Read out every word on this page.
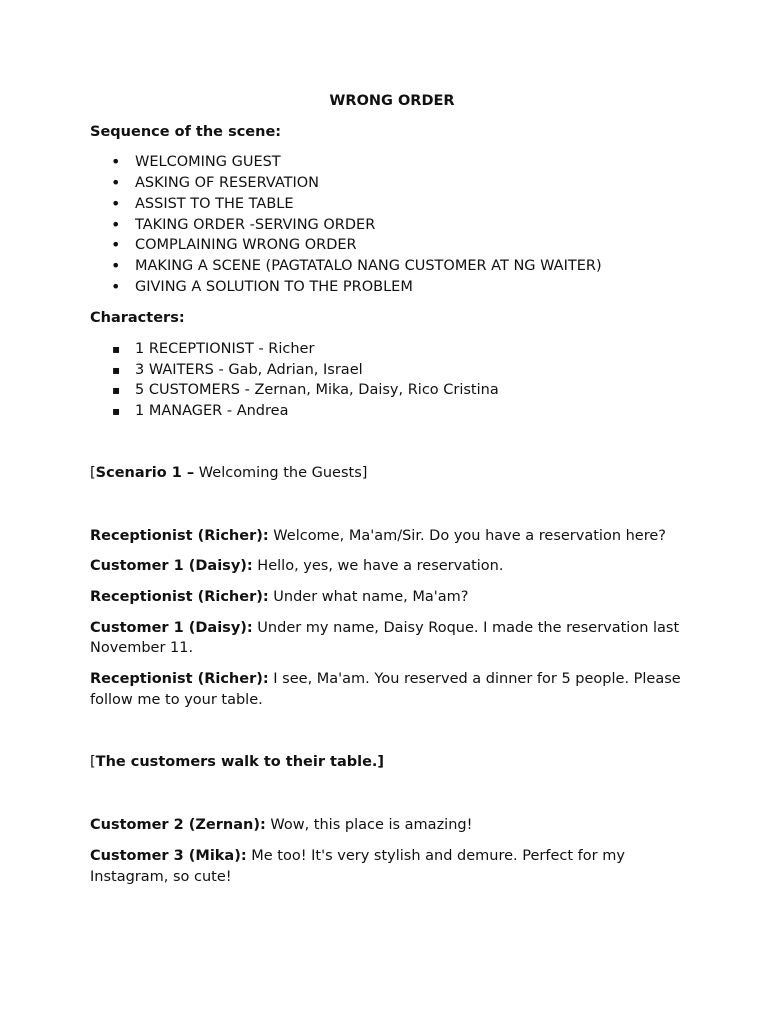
WRONG ORDER
Sequence of the scene:
• WELCOMING GUEST
• ASKING OF RESERVATION
• ASSIST TO THE TABLE
• TAKING ORDER -SERVING ORDER
• COMPLAINING WRONG ORDER
• MAKING A SCENE (PAGTATALO NANG CUSTOMER AT NG WAITER)
• GIVING A SOLUTION TO THE PROBLEM
Characters:
▪ 1 RECEPTIONIST - Richer
▪ 3 WAITERS - Gab, Adrian, Israel
▪ 5 CUSTOMERS - Zernan, Mika, Daisy, Rico Cristina
▪ 1 MANAGER - Andrea

[Scenario 1 – Welcoming the Guests]

Receptionist (Richer): Welcome, Ma'am/Sir. Do you have a reservation here?

Customer 1 (Daisy): Hello, yes, we have a reservation.

Receptionist (Richer): Under what name, Ma'am?

Customer 1 (Daisy): Under my name, Daisy Roque. I made the reservation last November 11.

Receptionist (Richer): I see, Ma'am. You reserved a dinner for 5 people. Please follow me to your table.

[The customers walk to their table.]

Customer 2 (Zernan): Wow, this place is amazing!

Customer 3 (Mika): Me too! It's very stylish and demure. Perfect for my Instagram, so cute!
